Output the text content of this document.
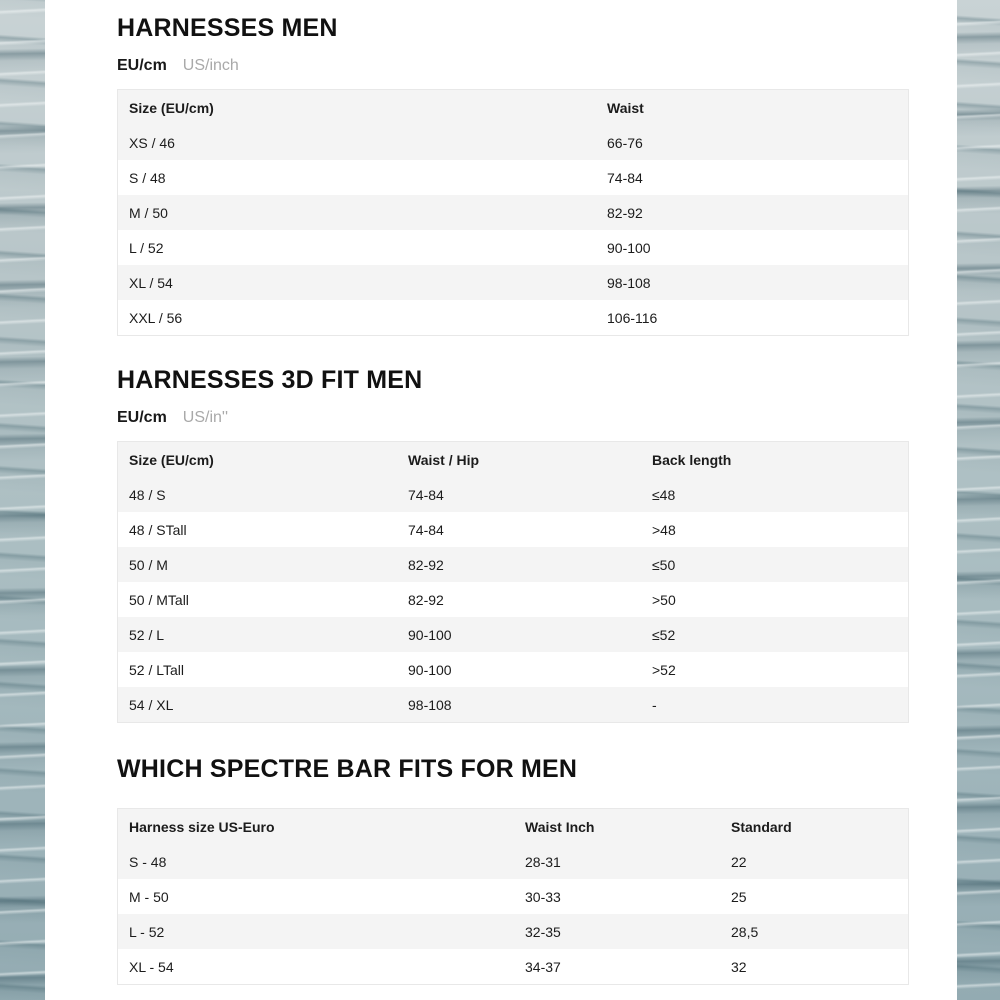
HARNESSES MEN
EU/cm US/inch
Size (EU/cm)	Waist
XS / 46	66-76
S / 48	74-84
M / 50	82-92
L / 52	90-100
XL / 54	98-108
XXL / 56	106-116
HARNESSES 3D FIT MEN
EU/cm US/in''
Size (EU/cm)	Waist / Hip	Back length
48 / S	74-84	≤48
48 / STall	74-84	>48
50 / M	82-92	≤50
50 / MTall	82-92	>50
52 / L	90-100	≤52
52 / LTall	90-100	>52
54 / XL	98-108	-
WHICH SPECTRE BAR FITS FOR MEN
Harness size US-Euro	Waist Inch	Standard
S - 48	28-31	22
M - 50	30-33	25
L - 52	32-35	28,5
XL - 54	34-37	32
